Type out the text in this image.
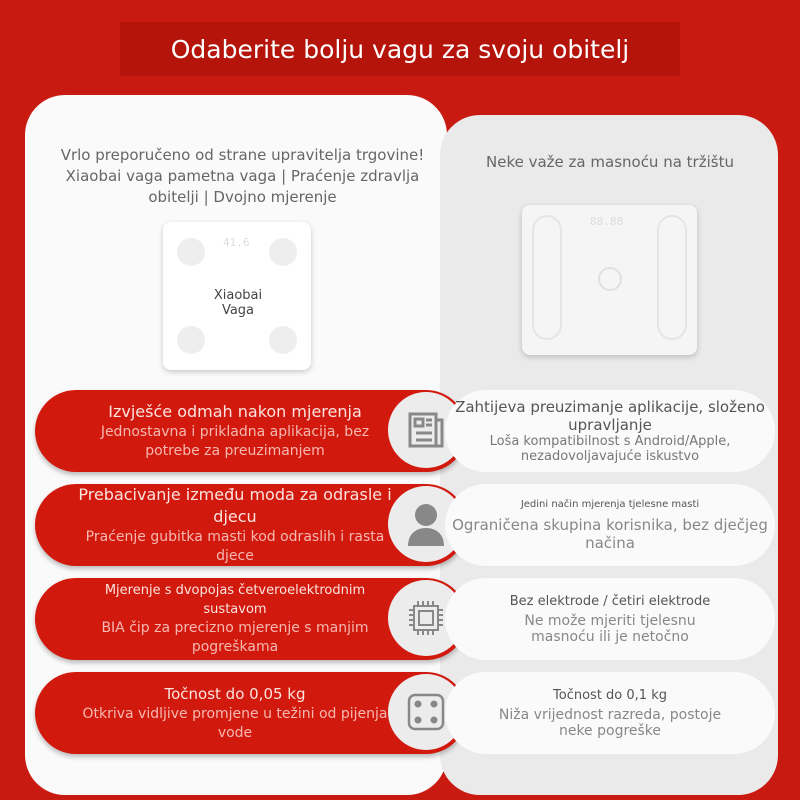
Odaberite bolju vagu za svoju obitelj
Vrlo preporučeno od strane upravitelja trgovine! Xiaobai vaga pametna vaga | Praćenje zdravlja obitelji | Dvojno mjerenje
Neke važe za masnoću na tržištu
41.6
Xiaobai Vaga
88.88
Izvješće odmah nakon mjerenja
Jednostavna i prikladna aplikacija, bez potrebe za preuzimanjem
Prebacivanje između moda za odrasle i djecu
Praćenje gubitka masti kod odraslih i rasta djece
Mjerenje s dvopojas četveroelektrodnim sustavom
BIA čip za precizno mjerenje s manjim pogreškama
Točnost do 0,05 kg
Otkriva vidljive promjene u težini od pijenja vode
Zahtijeva preuzimanje aplikacije, složeno upravljanje
Loša kompatibilnost s Android/Apple, nezadovoljavajuće iskustvo
Jedini način mjerenja tjelesne masti
Ograničena skupina korisnika, bez dječjeg načina
Bez elektrode / četiri elektrode
Ne može mjeriti tjelesnu masnoću ili je netočno
Točnost do 0,1 kg
Niža vrijednost razreda, postoje neke pogreške
